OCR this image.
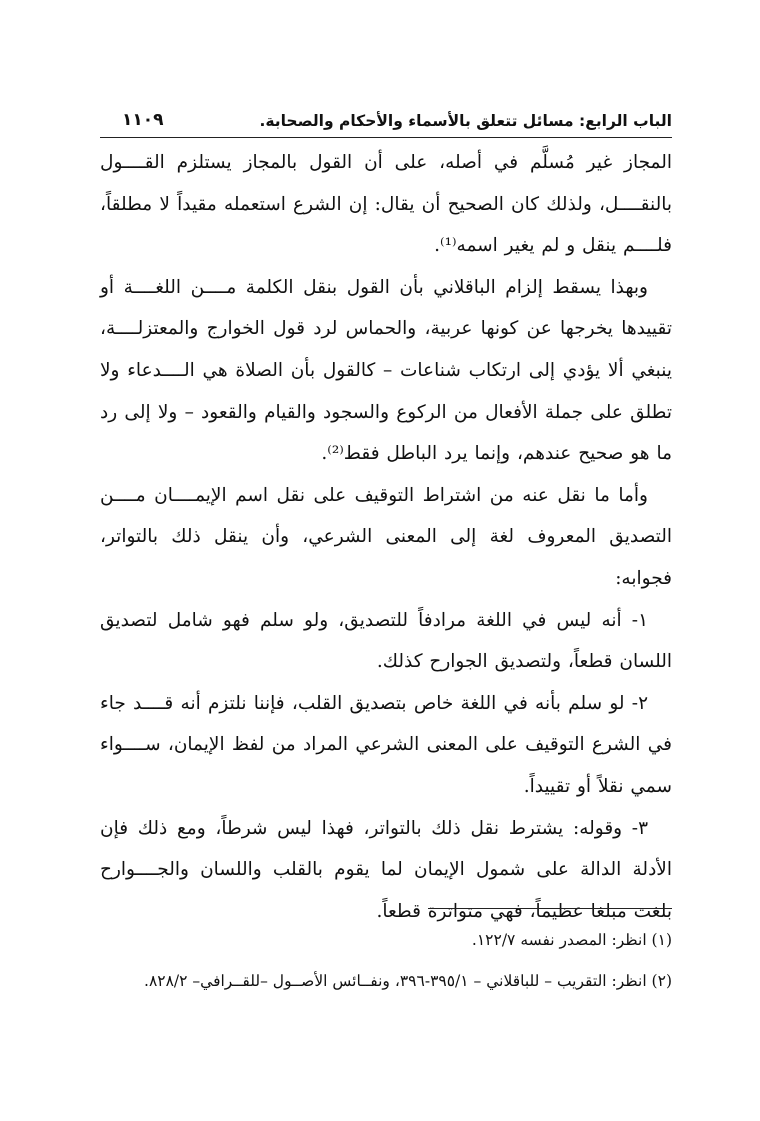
الباب الرابع: مسائل تتعلق بالأسماء والأحكام والصحابة.
١١٠٩

المجاز غير مُسلَّم في أصله، على أن القول بالمجاز يستلزم القــــول بالنقــــل، ولذلك كان الصحيح أن يقال: إن الشرع استعمله مقيداً لا مطلقاً، فلــــم ينقل و لم يغير اسمه⁽¹⁾.

وبهذا يسقط إلزام الباقلاني بأن القول بنقل الكلمة مــــن اللغــــة أو تقييدها يخرجها عن كونها عربية، والحماس لرد قول الخوارج والمعتزلــــة، ينبغي ألا يؤدي إلى ارتكاب شناعات – كالقول بأن الصلاة هي الــــدعاء ولا تطلق على جملة الأفعال من الركوع والسجود والقيام والقعود – ولا إلى رد ما هو صحيح عندهم، وإنما يرد الباطل فقط⁽²⁾.

وأما ما نقل عنه من اشتراط التوقيف على نقل اسم الإيمــــان مــــن التصديق المعروف لغة إلى المعنى الشرعي، وأن ينقل ذلك بالتواتر، فجوابه:

١- أنه ليس في اللغة مرادفاً للتصديق، ولو سلم فهو شامل لتصديق اللسان قطعاً، ولتصديق الجوارح كذلك.

٢- لو سلم بأنه في اللغة خاص بتصديق القلب، فإننا نلتزم أنه قــــد جاء في الشرع التوقيف على المعنى الشرعي المراد من لفظ الإيمان، ســــواء سمي نقلاً أو تقييداً.

٣- وقوله: يشترط نقل ذلك بالتواتر، فهذا ليس شرطاً، ومع ذلك فإن الأدلة الدالة على شمول الإيمان لما يقوم بالقلب واللسان والجــــوارح بلغت مبلغا عظيماً، فهي متواترة قطعاً.

(١) انظر: المصدر نفسه ١٢٢/٧.

(٢) انظر: التقريب – للباقلاني – ٣٩٥/١-٣٩٦، ونفــائس الأصــول –للقــرافي– ٨٢٨/٢.
